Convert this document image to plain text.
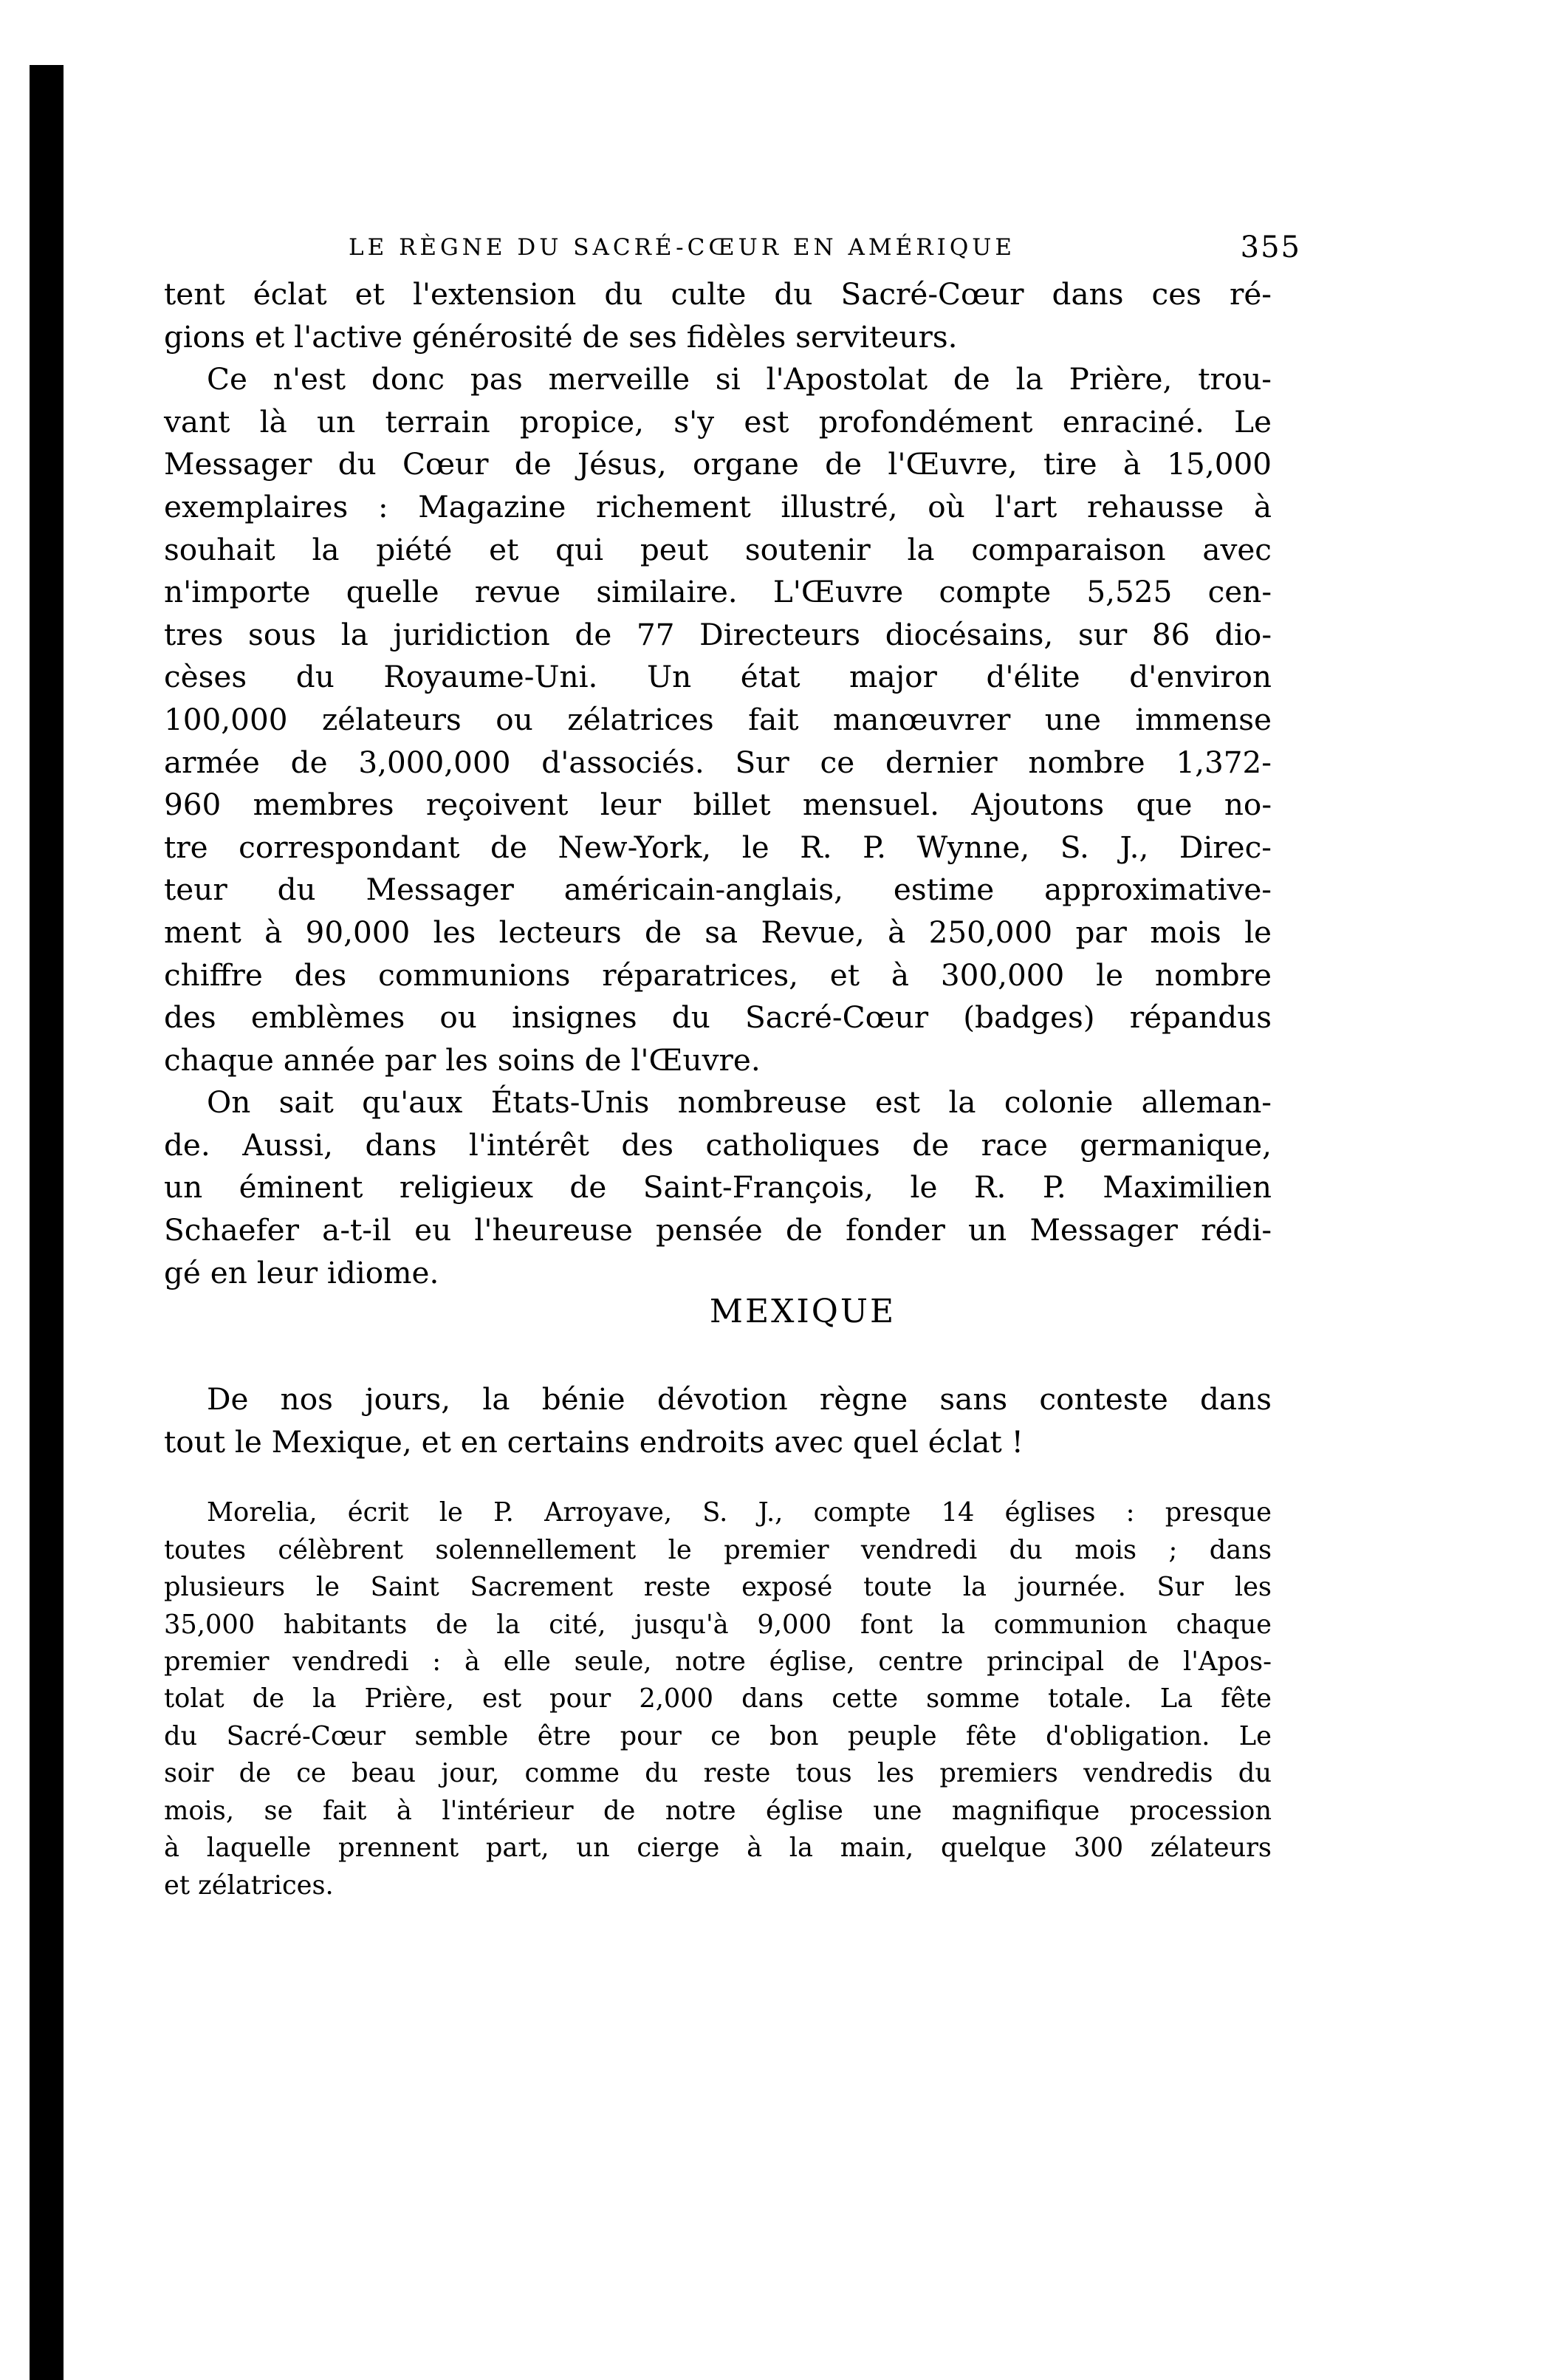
LE RÈGNE DU SACRÉ-CŒUR EN AMÉRIQUE	355

tent éclat et l'extension du culte du Sacré-Cœur dans ces ré-
gions et l'active générosité de ses fidèles serviteurs.

Ce n'est donc pas merveille si l'Apostolat de la Prière, trou-
vant là un terrain propice, s'y est profondément enraciné. Le
Messager du Cœur de Jésus, organe de l'Œuvre, tire à 15,000
exemplaires : Magazine richement illustré, où l'art rehausse à
souhait la piété et qui peut soutenir la comparaison avec
n'importe quelle revue similaire. L'Œuvre compte 5,525 cen-
tres sous la juridiction de 77 Directeurs diocésains, sur 86 dio-
cèses du Royaume-Uni. Un état major d'élite d'environ
100,000 zélateurs ou zélatrices fait manœuvrer une immense
armée de 3,000,000 d'associés. Sur ce dernier nombre 1,372-
960 membres reçoivent leur billet mensuel. Ajoutons que no-
tre correspondant de New-York, le R. P. Wynne, S. J., Direc-
teur du Messager américain-anglais, estime approximative-
ment à 90,000 les lecteurs de sa Revue, à 250,000 par mois le
chiffre des communions réparatrices, et à 300,000 le nombre
des emblèmes ou insignes du Sacré-Cœur (badges) répandus
chaque année par les soins de l'Œuvre.

On sait qu'aux États-Unis nombreuse est la colonie alleman-
de. Aussi, dans l'intérêt des catholiques de race germanique,
un éminent religieux de Saint-François, le R. P. Maximilien
Schaefer a-t-il eu l'heureuse pensée de fonder un Messager rédi-
gé en leur idiome.

MEXIQUE

De nos jours, la bénie dévotion règne sans conteste dans
tout le Mexique, et en certains endroits avec quel éclat !

Morelia, écrit le P. Arroyave, S. J., compte 14 églises : presque
toutes célèbrent solennellement le premier vendredi du mois ; dans
plusieurs le Saint Sacrement reste exposé toute la journée. Sur les
35,000 habitants de la cité, jusqu'à 9,000 font la communion chaque
premier vendredi : à elle seule, notre église, centre principal de l'Apos-
tolat de la Prière, est pour 2,000 dans cette somme totale. La fête
du Sacré-Cœur semble être pour ce bon peuple fête d'obligation. Le
soir de ce beau jour, comme du reste tous les premiers vendredis du
mois, se fait à l'intérieur de notre église une magnifique procession
à laquelle prennent part, un cierge à la main, quelque 300 zélateurs
et zélatrices.
